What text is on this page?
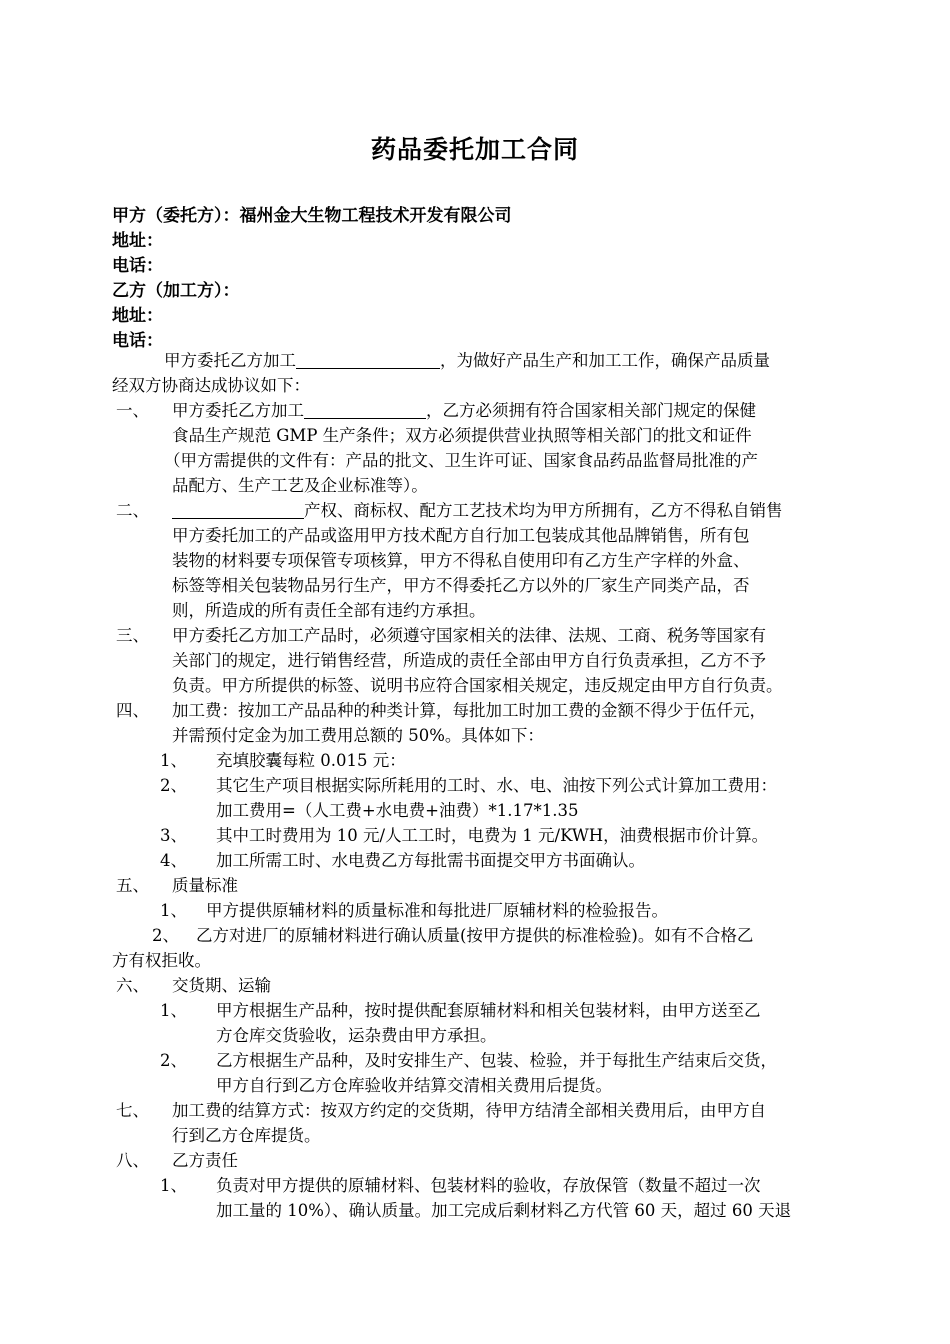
药品委托加工合同
甲方（委托方）：福州金大生物工程技术开发有限公司
地址：
电话：
乙方（加工方）：
地址：
电话：
甲方委托乙方加工	，为做好产品生产和加工工作，确保产品质量
经双方协商达成协议如下：
一、 甲方委托乙方加工	，乙方必须拥有符合国家相关部门规定的保健
食品生产规范 GMP 生产条件；双方必须提供营业执照等相关部门的批文和证件
（甲方需提供的文件有：产品的批文、卫生许可证、国家食品药品监督局批准的产
品配方、生产工艺及企业标准等）。
二、	产权、商标权、配方工艺技术均为甲方所拥有，乙方不得私自销售
甲方委托加工的产品或盗用甲方技术配方自行加工包装成其他品牌销售，所有包
装物的材料要专项保管专项核算，甲方不得私自使用印有乙方生产字样的外盒、
标签等相关包装物品另行生产，甲方不得委托乙方以外的厂家生产同类产品，否
则，所造成的所有责任全部有违约方承担。
三、 甲方委托乙方加工产品时，必须遵守国家相关的法律、法规、工商、税务等国家有
关部门的规定，进行销售经营，所造成的责任全部由甲方自行负责承担，乙方不予
负责。甲方所提供的标签、说明书应符合国家相关规定，违反规定由甲方自行负责。
四、 加工费：按加工产品品种的种类计算，每批加工时加工费的金额不得少于伍仟元，
并需预付定金为加工费用总额的 50%。具体如下：
1、 充填胶囊每粒 0.015 元：
2、 其它生产项目根据实际所耗用的工时、水、电、油按下列公式计算加工费用：
加工费用=（人工费+水电费+油费）*1.17*1.35
3、 其中工时费用为 10 元/人工工时，电费为 1 元/KWH，油费根据市价计算。
4、 加工所需工时、水电费乙方每批需书面提交甲方书面确认。
五、 质量标准
1、 甲方提供原辅材料的质量标准和每批进厂原辅材料的检验报告。
2、 乙方对进厂的原辅材料进行确认质量(按甲方提供的标准检验)。如有不合格乙
方有权拒收。
六、 交货期、运输
1、 甲方根据生产品种，按时提供配套原辅材料和相关包装材料，由甲方送至乙
方仓库交货验收，运杂费由甲方承担。
2、 乙方根据生产品种，及时安排生产、包装、检验，并于每批生产结束后交货，
甲方自行到乙方仓库验收并结算交清相关费用后提货。
七、 加工费的结算方式：按双方约定的交货期，待甲方结清全部相关费用后，由甲方自
行到乙方仓库提货。
八、 乙方责任
1、 负责对甲方提供的原辅材料、包装材料的验收，存放保管（数量不超过一次
加工量的 10%）、确认质量。加工完成后剩材料乙方代管 60 天，超过 60 天退
